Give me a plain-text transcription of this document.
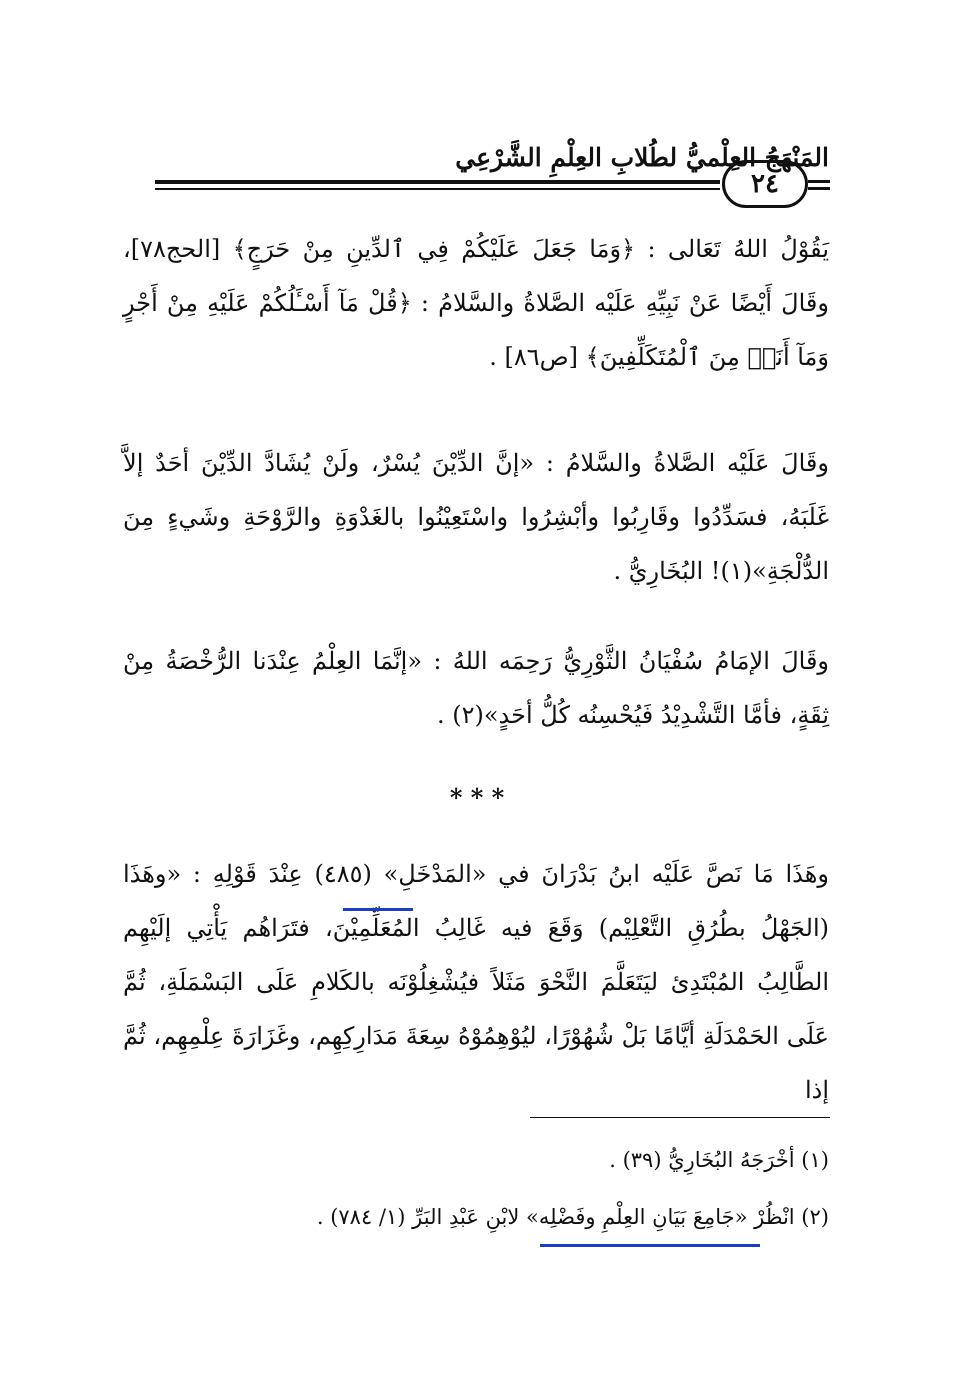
المَنْهَجُ العِلْميُّ لطُلابِ العِلْمِ الشَّرْعِي
٢٤
يَقُوْلُ اللهُ تَعَالى : ﴿وَمَا جَعَلَ عَلَيْكُمْ فِي ٱلدِّينِ مِنْ حَرَجٍ﴾ [الحج٧٨]، وقَالَ أَيْضًا عَنْ نَبِيِّهِ عَلَيْه الصَّلاةُ والسَّلامُ : ﴿قُلْ مَآ أَسْـَٔلُكُمْ عَلَيْهِ مِنْ أَجْرٍ وَمَآ أَنَا۠ مِنَ ٱلْمُتَكَلِّفِينَ﴾ [ص٨٦] .
وقَالَ عَلَيْه الصَّلاةُ والسَّلامُ : «إنَّ الدِّيْنَ يُسْرٌ، ولَنْ يُشَادَّ الدِّيْنَ أحَدٌ إلاَّ غَلَبَهُ، فسَدِّدُوا وقَارِبُوا وأبْشِرُوا واسْتَعِيْنُوا بالغَدْوَةِ والرَّوْحَةِ وشَيءٍ مِنَ الدُّلْجَةِ»(١)! البُخَارِيُّ .
وقَالَ الإمَامُ سُفْيَانُ الثَّوْرِيُّ رَحِمَه اللهُ : «إنَّمَا العِلْمُ عِنْدَنا الرُّخْصَةُ مِنْ ثِقَةٍ، فأمَّا التَّشْدِيْدُ فَيُحْسِنُه كُلُّ أحَدٍ»(٢) .
* * *
وهَذَا مَا نَصَّ عَلَيْه ابنُ بَدْرَانَ في «المَدْخَلِ» (٤٨٥) عِنْدَ قَوْلِهِ : «وهَذَا (الجَهْلُ بطُرُقِ التَّعْلِيْم) وَقَعَ فيه غَالِبُ المُعَلِّمِيْنَ، فتَرَاهُم يَأْتِي إلَيْهِم الطَّالِبُ المُبْتَدِئ ليَتَعَلَّمَ النَّحْوَ مَثَلاً فيُشْغِلُوْنَه بالكَلامِ عَلَى البَسْمَلَةِ، ثُمَّ عَلَى الحَمْدَلَةِ أيَّامًا بَلْ شُهُوْرًا، ليُوْهِمُوْهُ سِعَةَ مَدَارِكِهِم، وغَزَارَةَ عِلْمِهِم، ثُمَّ إذا
(١) أخْرَجَهُ البُخَارِيُّ (٣٩) .
(٢) انْظُرْ «جَامِعَ بَيَانِ العِلْمِ وفَضْلِه» لابْنِ عَبْدِ البَرِّ (١/ ٧٨٤) .
